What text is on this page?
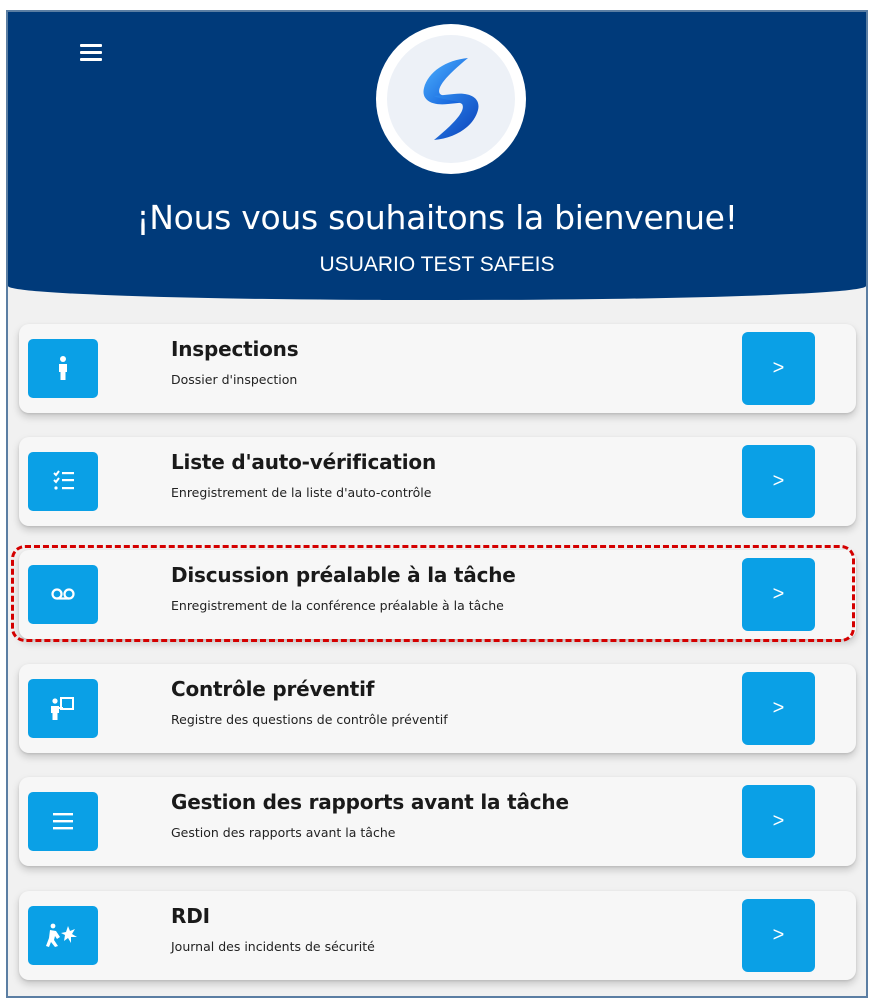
¡Nous vous souhaitons la bienvenue!
USUARIO TEST SAFEIS
Inspections
Dossier d'inspection
>
Liste d'auto-vérification
Enregistrement de la liste d'auto-contrôle
>
Discussion préalable à la tâche
Enregistrement de la conférence préalable à la tâche
>
Contrôle préventif
Registre des questions de contrôle préventif
>
Gestion des rapports avant la tâche
Gestion des rapports avant la tâche
>
RDI
Journal des incidents de sécurité
>
